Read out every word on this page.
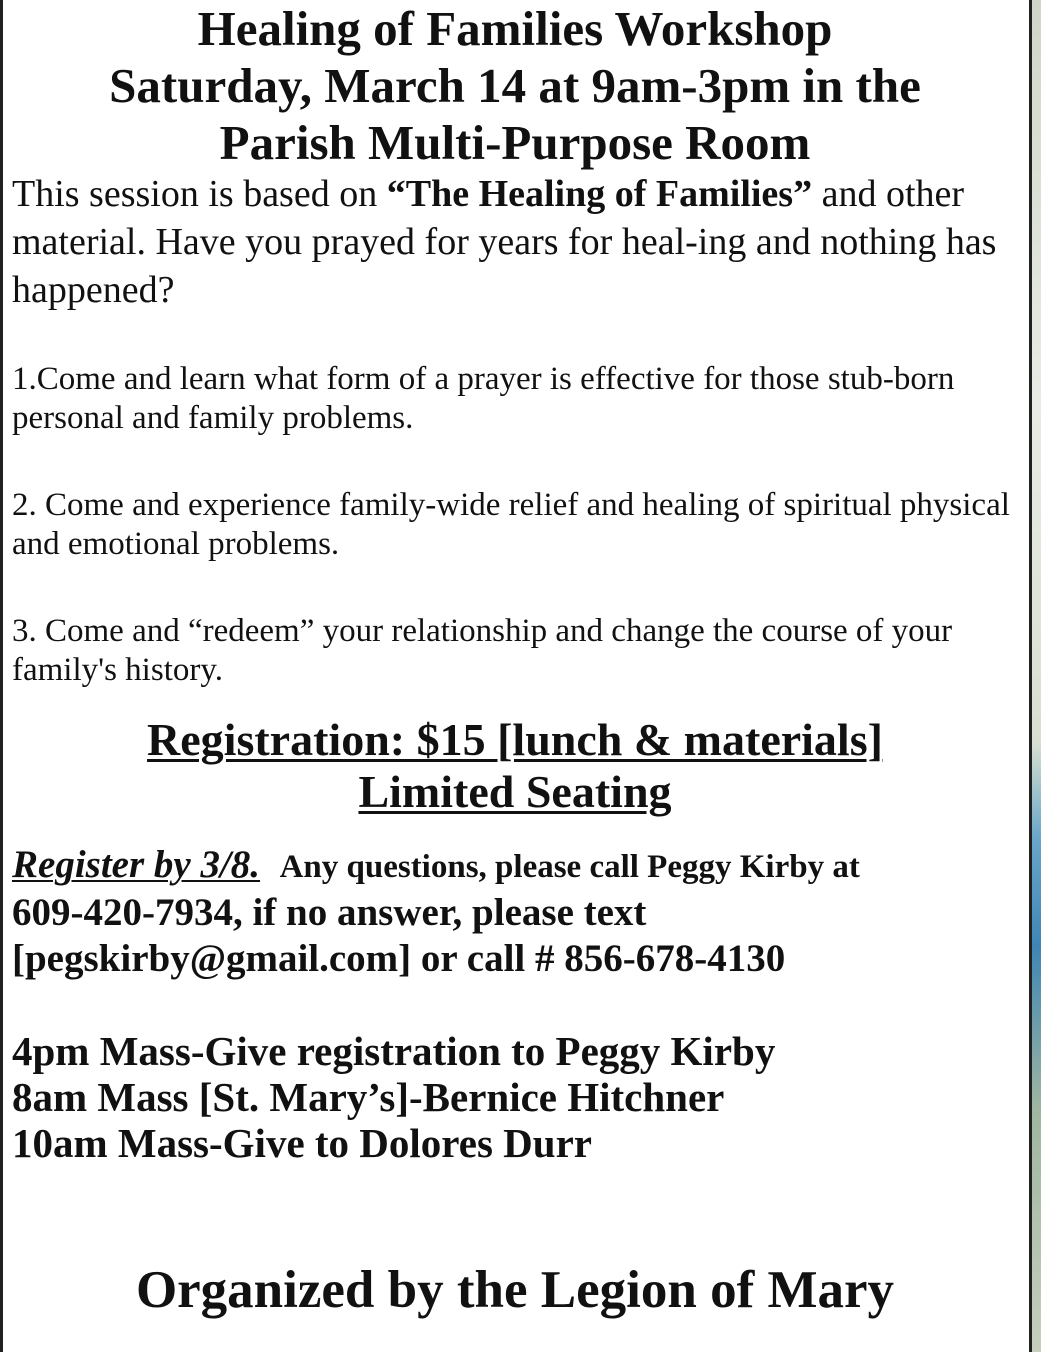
Healing of Families Workshop
Saturday, March 14 at 9am-3pm in the
Parish Multi-Purpose Room

This session is based on “The Healing of Families” and other material. Have you prayed for years for heal-ing and nothing has happened?

1.Come and learn what form of a prayer is effective for those stub-born personal and family problems.

2. Come and experience family-wide relief and healing of spiritual physical and emotional problems.

3. Come and “redeem” your relationship and change the course of your family's history.

Registration: $15 [lunch & materials]
Limited Seating
Register by 3/8. Any questions, please call Peggy Kirby at
609-420-7934, if no answer, please text
[pegskirby@gmail.com] or call # 856-678-4130
4pm Mass-Give registration to Peggy Kirby
8am Mass [St. Mary’s]-Bernice Hitchner
10am Mass-Give to Dolores Durr
Organized by the Legion of Mary
